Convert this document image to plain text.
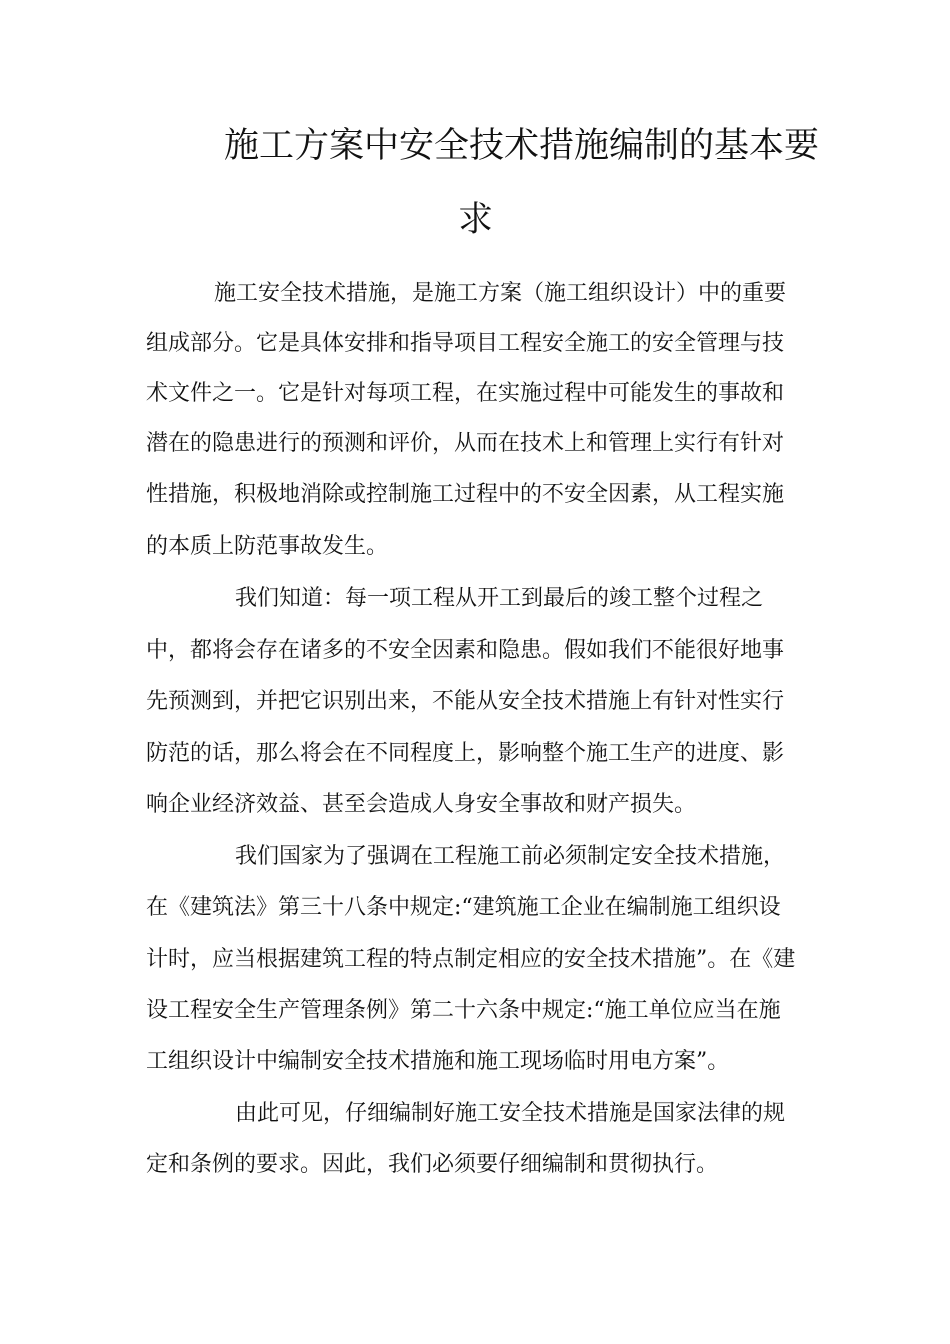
施工方案中安全技术措施编制的基本要
求
施工安全技术措施，是施工方案（施工组织设计）中的重要
组成部分。它是具体安排和指导项目工程安全施工的安全管理与技
术文件之一。它是针对每项工程，在实施过程中可能发生的事故和
潜在的隐患进行的预测和评价，从而在技术上和管理上实行有针对
性措施，积极地消除或控制施工过程中的不安全因素，从工程实施
的本质上防范事故发生。
我们知道：每一项工程从开工到最后的竣工整个过程之
中，都将会存在诸多的不安全因素和隐患。假如我们不能很好地事
先预测到，并把它识别出来，不能从安全技术措施上有针对性实行
防范的话，那么将会在不同程度上，影响整个施工生产的进度、影
响企业经济效益、甚至会造成人身安全事故和财产损失。
我们国家为了强调在工程施工前必须制定安全技术措施，
在《建筑法》第三十八条中规定:“建筑施工企业在编制施工组织设
计时，应当根据建筑工程的特点制定相应的安全技术措施”。在《建
设工程安全生产管理条例》第二十六条中规定:“施工单位应当在施
工组织设计中编制安全技术措施和施工现场临时用电方案”。
由此可见，仔细编制好施工安全技术措施是国家法律的规
定和条例的要求。因此，我们必须要仔细编制和贯彻执行。
